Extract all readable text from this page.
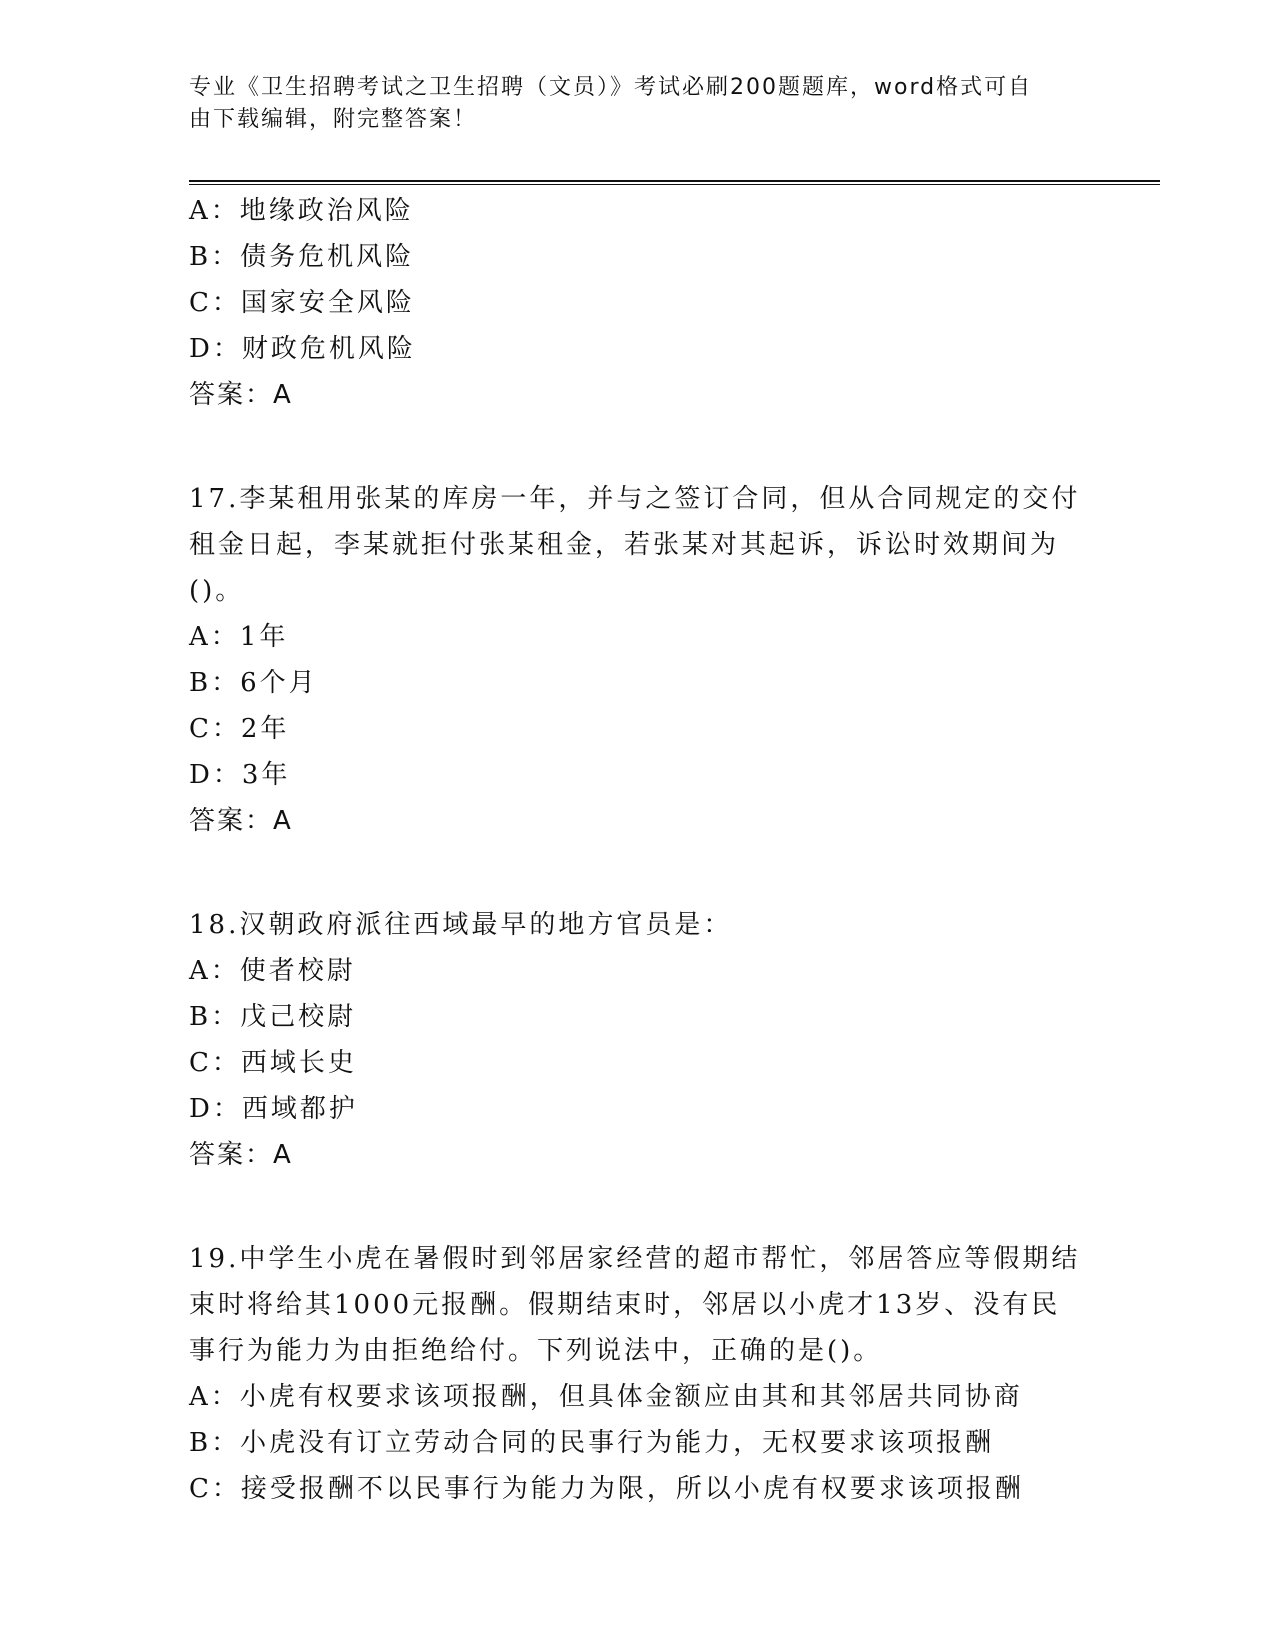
专业《卫生招聘考试之卫生招聘（文员）》考试必刷200题题库，word格式可自
由下载编辑，附完整答案！
A：地缘政治风险
B：债务危机风险
C：国家安全风险
D：财政危机风险
答案：A
17.李某租用张某的库房一年，并与之签订合同，但从合同规定的交付
租金日起，李某就拒付张某租金，若张某对其起诉，诉讼时效期间为
()。
A：1年
B：6个月
C：2年
D：3年
答案：A
18.汉朝政府派往西域最早的地方官员是：
A：使者校尉
B：戊己校尉
C：西域长史
D：西域都护
答案：A
19.中学生小虎在暑假时到邻居家经营的超市帮忙，邻居答应等假期结
束时将给其1000元报酬。假期结束时，邻居以小虎才13岁、没有民
事行为能力为由拒绝给付。下列说法中，正确的是()。
A：小虎有权要求该项报酬，但具体金额应由其和其邻居共同协商
B：小虎没有订立劳动合同的民事行为能力，无权要求该项报酬
C：接受报酬不以民事行为能力为限，所以小虎有权要求该项报酬
